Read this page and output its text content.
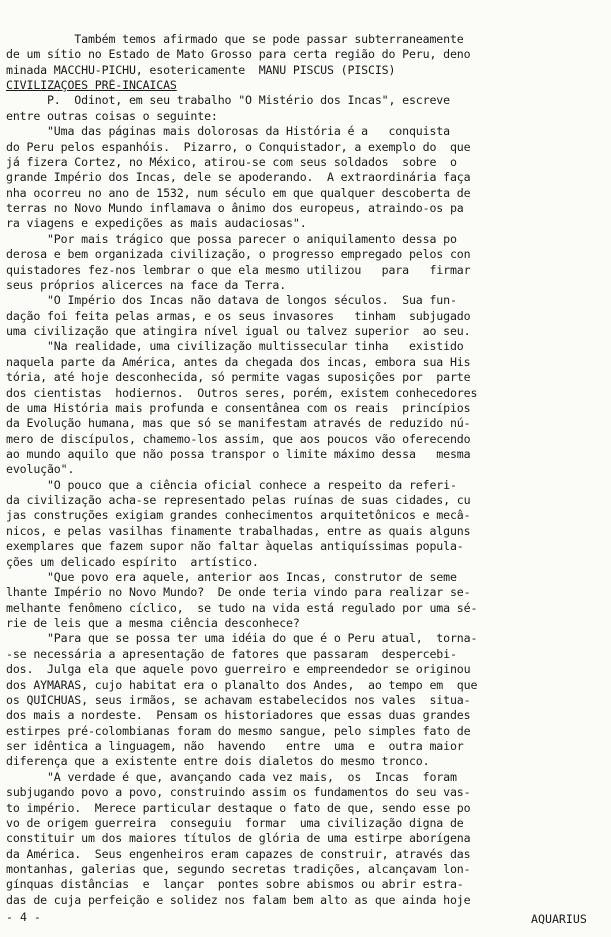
Também temos afirmado que se pode passar subterraneamente
de um sítio no Estado de Mato Grosso para certa região do Peru, deno
minada MACCHU-PICHU, esotericamente  MANU PISCUS (PISCIS)
CIVILIZAÇÕES PRÉ-INCAICAS
P.  Odinot, em seu trabalho "O Mistério dos Incas", escreve
entre outras coisas o seguinte:
"Uma das páginas mais dolorosas da História é a   conquista
do Peru pelos espanhóis.  Pizarro, o Conquistador, a exemplo do  que
já fizera Cortez, no México, atirou-se com seus soldados  sobre  o
grande Império dos Incas, dele se apoderando.  A extraordinária faça
nha ocorreu no ano de 1532, num século em que qualquer descoberta de
terras no Novo Mundo inflamava o ânimo dos europeus, atraindo-os pa
ra viagens e expedições as mais audaciosas".
"Por mais trágico que possa parecer o aniquilamento dessa po
derosa e bem organizada civilização, o progresso empregado pelos con
quistadores fez-nos lembrar o que ela mesmo utilizou   para   firmar
seus próprios alicerces na face da Terra.
"O Império dos Incas não datava de longos séculos.  Sua fun-
dação foi feita pelas armas, e os seus invasores   tinham  subjugado
uma civilização que atingira nível igual ou talvez superior  ao seu.
"Na realidade, uma civilização multissecular tinha   existido
naquela parte da América, antes da chegada dos incas, embora sua His
tória, até hoje desconhecida, só permite vagas suposições por  parte
dos cientistas  hodiernos.  Outros seres, porém, existem conhecedores
de uma História mais profunda e consentânea com os reais  princípios
da Evolução humana, mas que só se manifestam através de reduzido nú-
mero de discípulos, chamemo-los assim, que aos poucos vão oferecendo
ao mundo aquilo que não possa transpor o limite máximo dessa   mesma
evolução".
"O pouco que a ciência oficial conhece a respeito da referi-
da civilização acha-se representado pelas ruínas de suas cidades, cu
jas construções exigiam grandes conhecimentos arquitetônicos e mecâ-
nicos, e pelas vasilhas finamente trabalhadas, entre as quais alguns
exemplares que fazem supor não faltar àquelas antiquíssimas popula-
ções um delicado espírito  artístico.
"Que povo era aquele, anterior aos Incas, construtor de seme
lhante Império no Novo Mundo?  De onde teria vindo para realizar se-
melhante fenômeno cíclico,  se tudo na vida está regulado por uma sé-
rie de leis que a mesma ciência desconhece?
"Para que se possa ter uma idéia do que é o Peru atual,  torna-
-se necessária a apresentação de fatores que passaram  despercebi-
dos.  Julga ela que aquele povo guerreiro e empreendedor se originou
dos AYMARAS, cujo habitat era o planalto dos Andes,  ao tempo em  que
os QUÍCHUAS, seus irmãos, se achavam estabelecidos nos vales  situa-
dos mais a nordeste.  Pensam os historiadores que essas duas grandes
estirpes pré-colombianas foram do mesmo sangue, pelo simples fato de
ser idêntica a linguagem, não  havendo   entre  uma  e  outra maior
diferença que a existente entre dois dialetos do mesmo tronco.
"A verdade é que, avançando cada vez mais,  os  Incas  foram
subjugando povo a povo, construindo assim os fundamentos do seu vas-
to império.  Merece particular destaque o fato de que, sendo esse po
vo de origem guerreira  conseguiu  formar  uma civilização digna de
constituir um dos maiores títulos de glória de uma estirpe aborígena
da América.  Seus engenheiros eram capazes de construir, através das
montanhas, galerias que, segundo secretas tradições, alcançavam lon-
gínquas distâncias  e  lançar  pontes sobre abismos ou abrir estra-
das de cuja perfeição e solidez nos falam bem alto as que ainda hoje
- 4 -	AQUARIUS
